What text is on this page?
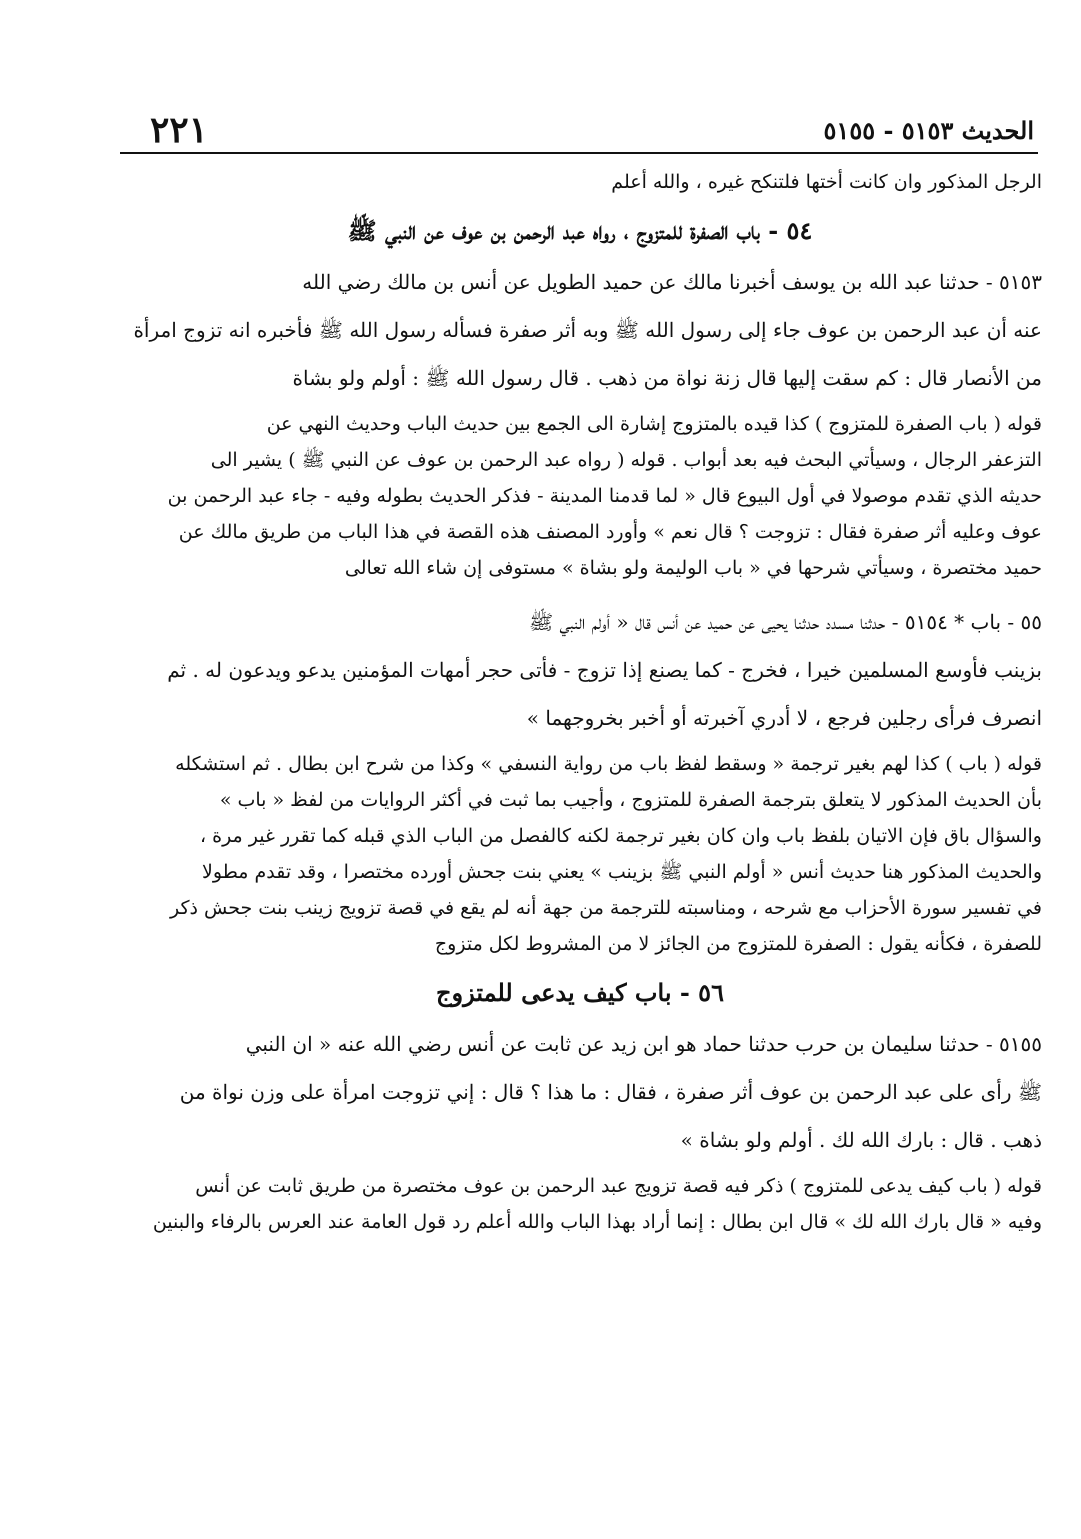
٢٢١	الحديث ٥١٥٣ - ٥١٥٥
الرجل المذكور وان كانت أختها فلتنكح غيره ، والله أعلم
٥٤ - باب الصفرة للمتزوج ، رواه عبد الرحمن بن عوف عن النبي ﷺ
٥١٥٣ - حدثنا عبد الله بن يوسف أخبرنا مالك عن حميد الطويل عن أنس بن مالك رضي الله
عنه أن عبد الرحمن بن عوف جاء إلى رسول الله ﷺ وبه أثر صفرة فسأله رسول الله ﷺ فأخبره انه تزوج امرأة
من الأنصار قال : كم سقت إليها قال زنة نواة من ذهب . قال رسول الله ﷺ : أولم ولو بشاة
قوله ( باب الصفرة للمتزوج ) كذا قيده بالمتزوج إشارة الى الجمع بين حديث الباب وحديث النهي عن
التزعفر الرجال ، وسيأتي البحث فيه بعد أبواب . قوله ( رواه عبد الرحمن بن عوف عن النبي ﷺ ) يشير الى
حديثه الذي تقدم موصولا في أول البيوع قال « لما قدمنا المدينة - فذكر الحديث بطوله وفيه - جاء عبد الرحمن بن
عوف وعليه أثر صفرة فقال : تزوجت ؟ قال نعم » وأورد المصنف هذه القصة في هذا الباب من طريق مالك عن
حميد مختصرة ، وسيأتي شرحها في « باب الوليمة ولو بشاة » مستوفى إن شاء الله تعالى
٥٥ - باب * ٥١٥٤ - حدثنا مسدد حدثنا يحيى عن حميد عن أنس قال « أولم النبي ﷺ
بزينب فأوسع المسلمين خيرا ، فخرج - كما يصنع إذا تزوج - فأتى حجر أمهات المؤمنين يدعو ويدعون له . ثم
انصرف فرأى رجلين فرجع ، لا أدري آخبرته أو أخبر بخروجهما »
قوله ( باب ) كذا لهم بغير ترجمة « وسقط لفظ باب من رواية النسفي » وكذا من شرح ابن بطال . ثم استشكله
بأن الحديث المذكور لا يتعلق بترجمة الصفرة للمتزوج ، وأجيب بما ثبت في أكثر الروايات من لفظ « باب »
والسؤال باق فإن الاتيان بلفظ باب وان كان بغير ترجمة لكنه كالفصل من الباب الذي قبله كما تقرر غير مرة ،
والحديث المذكور هنا حديث أنس « أولم النبي ﷺ بزينب » يعني بنت جحش أورده مختصرا ، وقد تقدم مطولا
في تفسير سورة الأحزاب مع شرحه ، ومناسبته للترجمة من جهة أنه لم يقع في قصة تزويج زينب بنت جحش ذكر
للصفرة ، فكأنه يقول : الصفرة للمتزوج من الجائز لا من المشروط لكل متزوج
٥٦ - باب كيف يدعى للمتزوج
٥١٥٥ - حدثنا سليمان بن حرب حدثنا حماد هو ابن زيد عن ثابت عن أنس رضي الله عنه « ان النبي
ﷺ رأى على عبد الرحمن بن عوف أثر صفرة ، فقال : ما هذا ؟ قال : إني تزوجت امرأة على وزن نواة من
ذهب . قال : بارك الله لك . أولم ولو بشاة »
قوله ( باب كيف يدعى للمتزوج ) ذكر فيه قصة تزويج عبد الرحمن بن عوف مختصرة من طريق ثابت عن أنس
وفيه « قال بارك الله لك » قال ابن بطال : إنما أراد بهذا الباب والله أعلم رد قول العامة عند العرس بالرفاء والبنين
